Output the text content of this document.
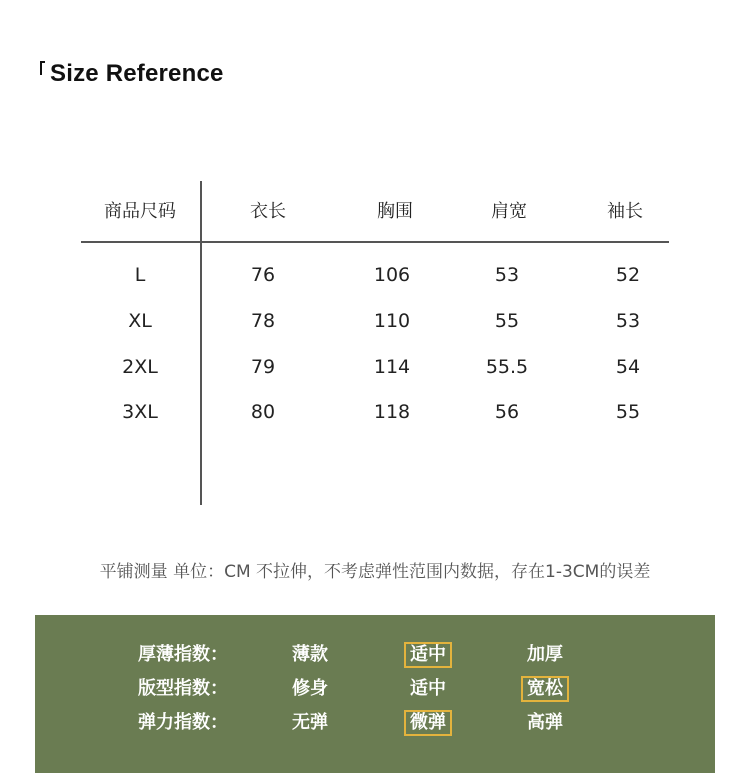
Size Reference
商品尺码	衣长	胸围	肩宽	袖长
L	76	106	53	52
XL	78	110	55	53
2XL	79	114	55.5	54
3XL	80	118	56	55
平铺测量 单位：CM 不拉伸，不考虑弹性范围内数据，存在1-3CM的误差
厚薄指数：	薄款	适中	加厚
版型指数：	修身	适中	宽松
弹力指数：	无弹	微弹	高弹
